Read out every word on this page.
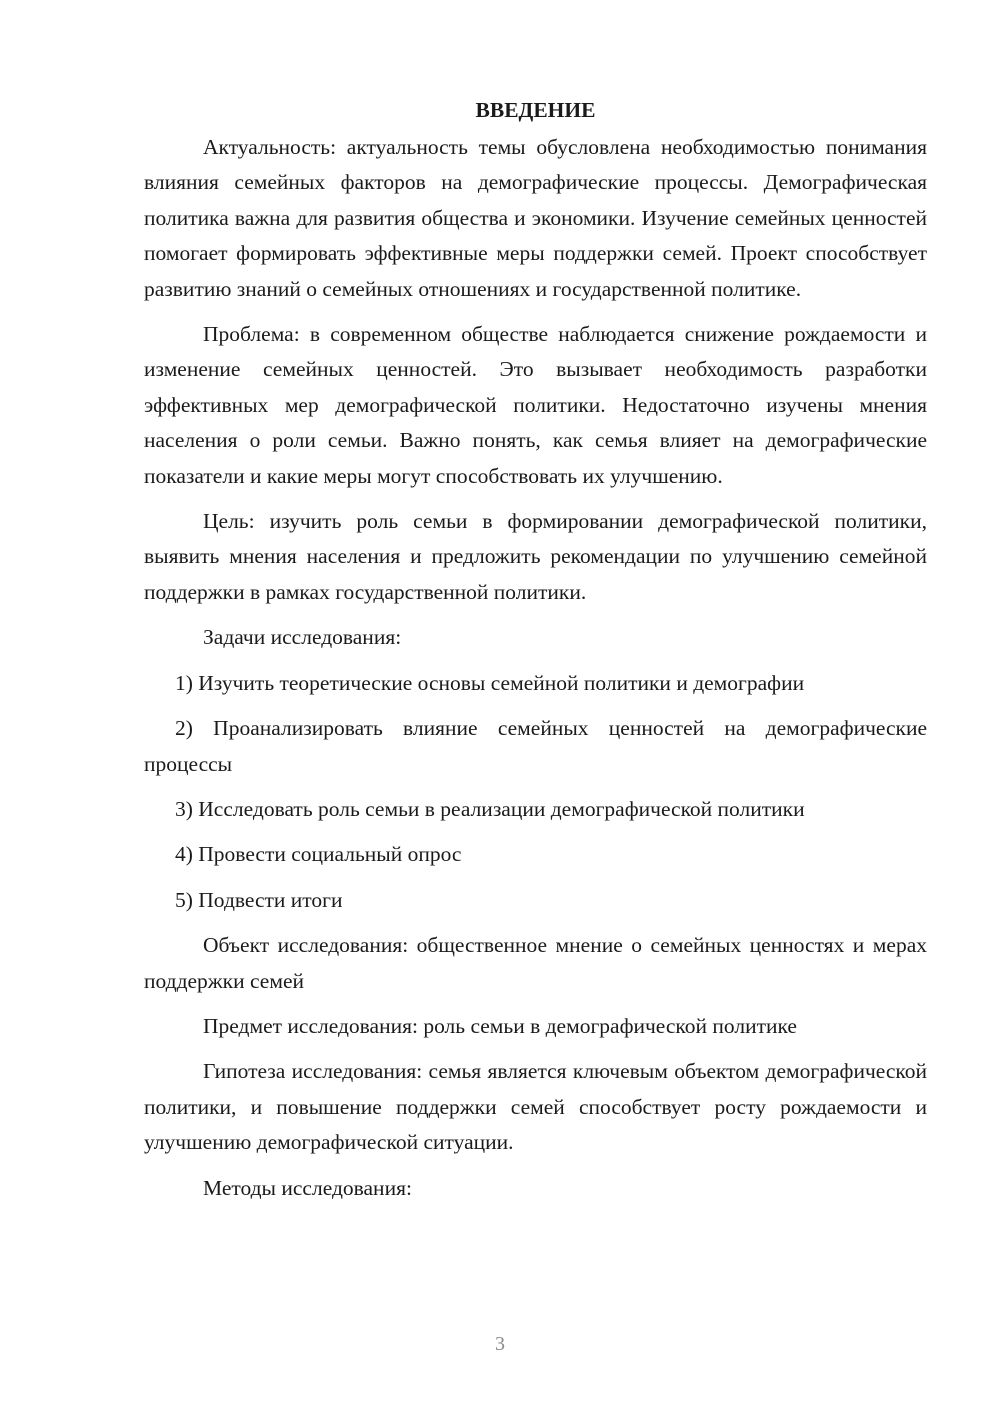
ВВЕДЕНИЕ

Актуальность: актуальность темы обусловлена необходимостью понимания влияния семейных факторов на демографические процессы. Демографическая политика важна для развития общества и экономики. Изучение семейных ценностей помогает формировать эффективные меры поддержки семей. Проект способствует развитию знаний о семейных отношениях и государственной политике.

Проблема: в современном обществе наблюдается снижение рождаемости и изменение семейных ценностей. Это вызывает необходимость разработки эффективных мер демографической политики. Недостаточно изучены мнения населения о роли семьи. Важно понять, как семья влияет на демографические показатели и какие меры могут способствовать их улучшению.

Цель: изучить роль семьи в формировании демографической политики, выявить мнения населения и предложить рекомендации по улучшению семейной поддержки в рамках государственной политики.

Задачи исследования:

1) Изучить теоретические основы семейной политики и демографии

2) Проанализировать влияние семейных ценностей на демографические процессы

3) Исследовать роль семьи в реализации демографической политики

4) Провести социальный опрос

5) Подвести итоги

Объект исследования: общественное мнение о семейных ценностях и мерах поддержки семей

Предмет исследования: роль семьи в демографической политике

Гипотеза исследования: семья является ключевым объектом демографической политики, и повышение поддержки семей способствует росту рождаемости и улучшению демографической ситуации.

Методы исследования:

3
